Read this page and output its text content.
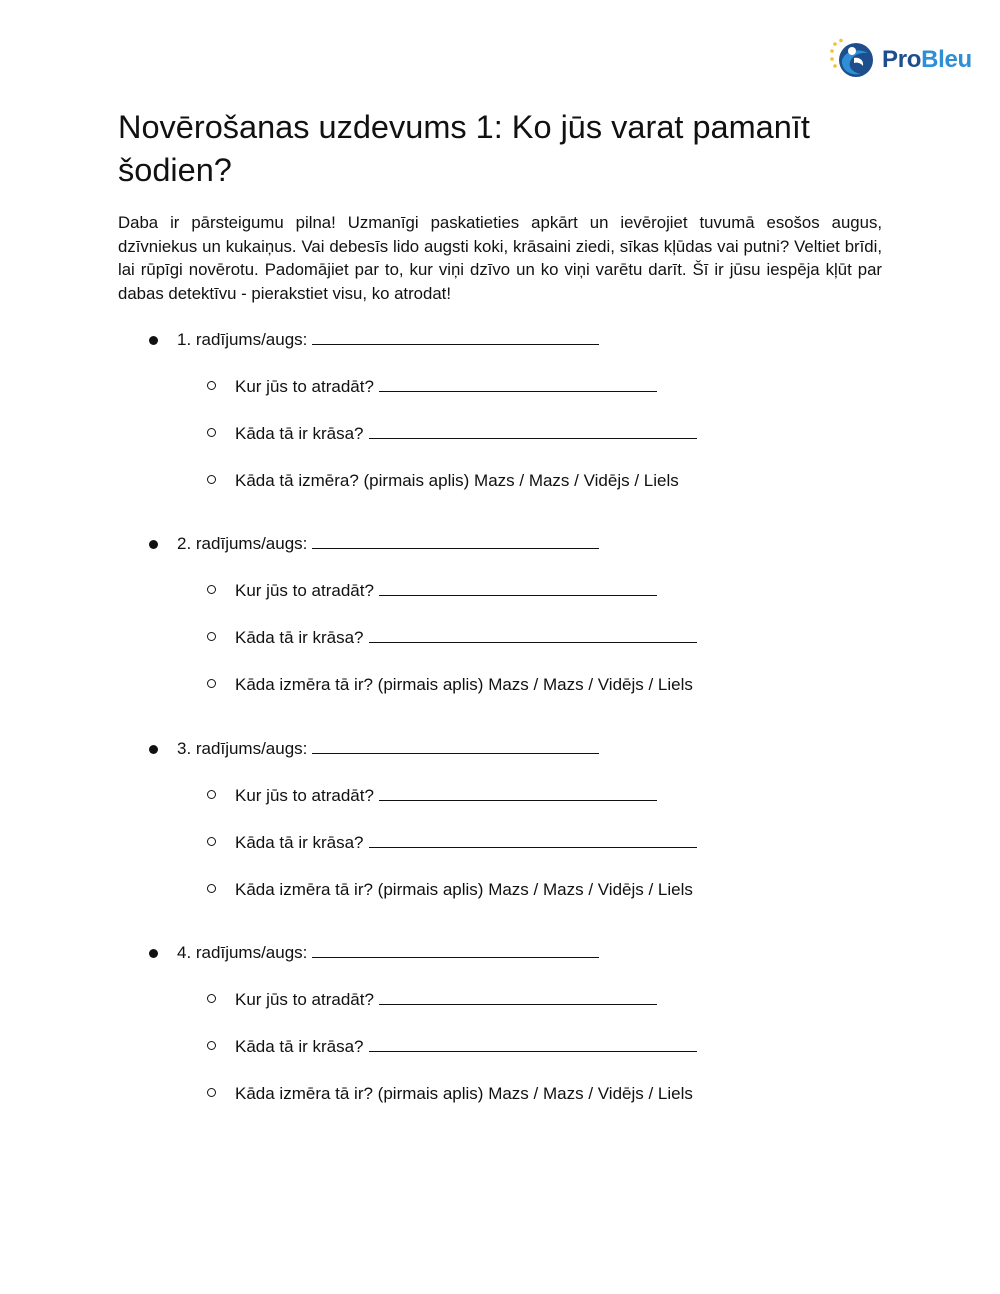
ProBleu
Novērošanas uzdevums 1: Ko jūs varat pamanīt šodien?

Daba ir pārsteigumu pilna! Uzmanīgi paskatieties apkārt un ievērojiet tuvumā esošos augus, dzīvniekus un kukaiņus. Vai debesīs lido augsti koki, krāsaini ziedi, sīkas kļūdas vai putni? Veltiet brīdi, lai rūpīgi novērotu. Padomājiet par to, kur viņi dzīvo un ko viņi varētu darīt. Šī ir jūsu iespēja kļūt par dabas detektīvu - pierakstiet visu, ko atrodat!

1. radījums/augs:
Kur jūs to atradāt?
Kāda tā ir krāsa?
Kāda tā izmēra? (pirmais aplis) Mazs / Mazs / Vidējs / Liels
2. radījums/augs:
Kur jūs to atradāt?
Kāda tā ir krāsa?
Kāda izmēra tā ir? (pirmais aplis) Mazs / Mazs / Vidējs / Liels
3. radījums/augs:
Kur jūs to atradāt?
Kāda tā ir krāsa?
Kāda izmēra tā ir? (pirmais aplis) Mazs / Mazs / Vidējs / Liels
4. radījums/augs:
Kur jūs to atradāt?
Kāda tā ir krāsa?
Kāda izmēra tā ir? (pirmais aplis) Mazs / Mazs / Vidējs / Liels
